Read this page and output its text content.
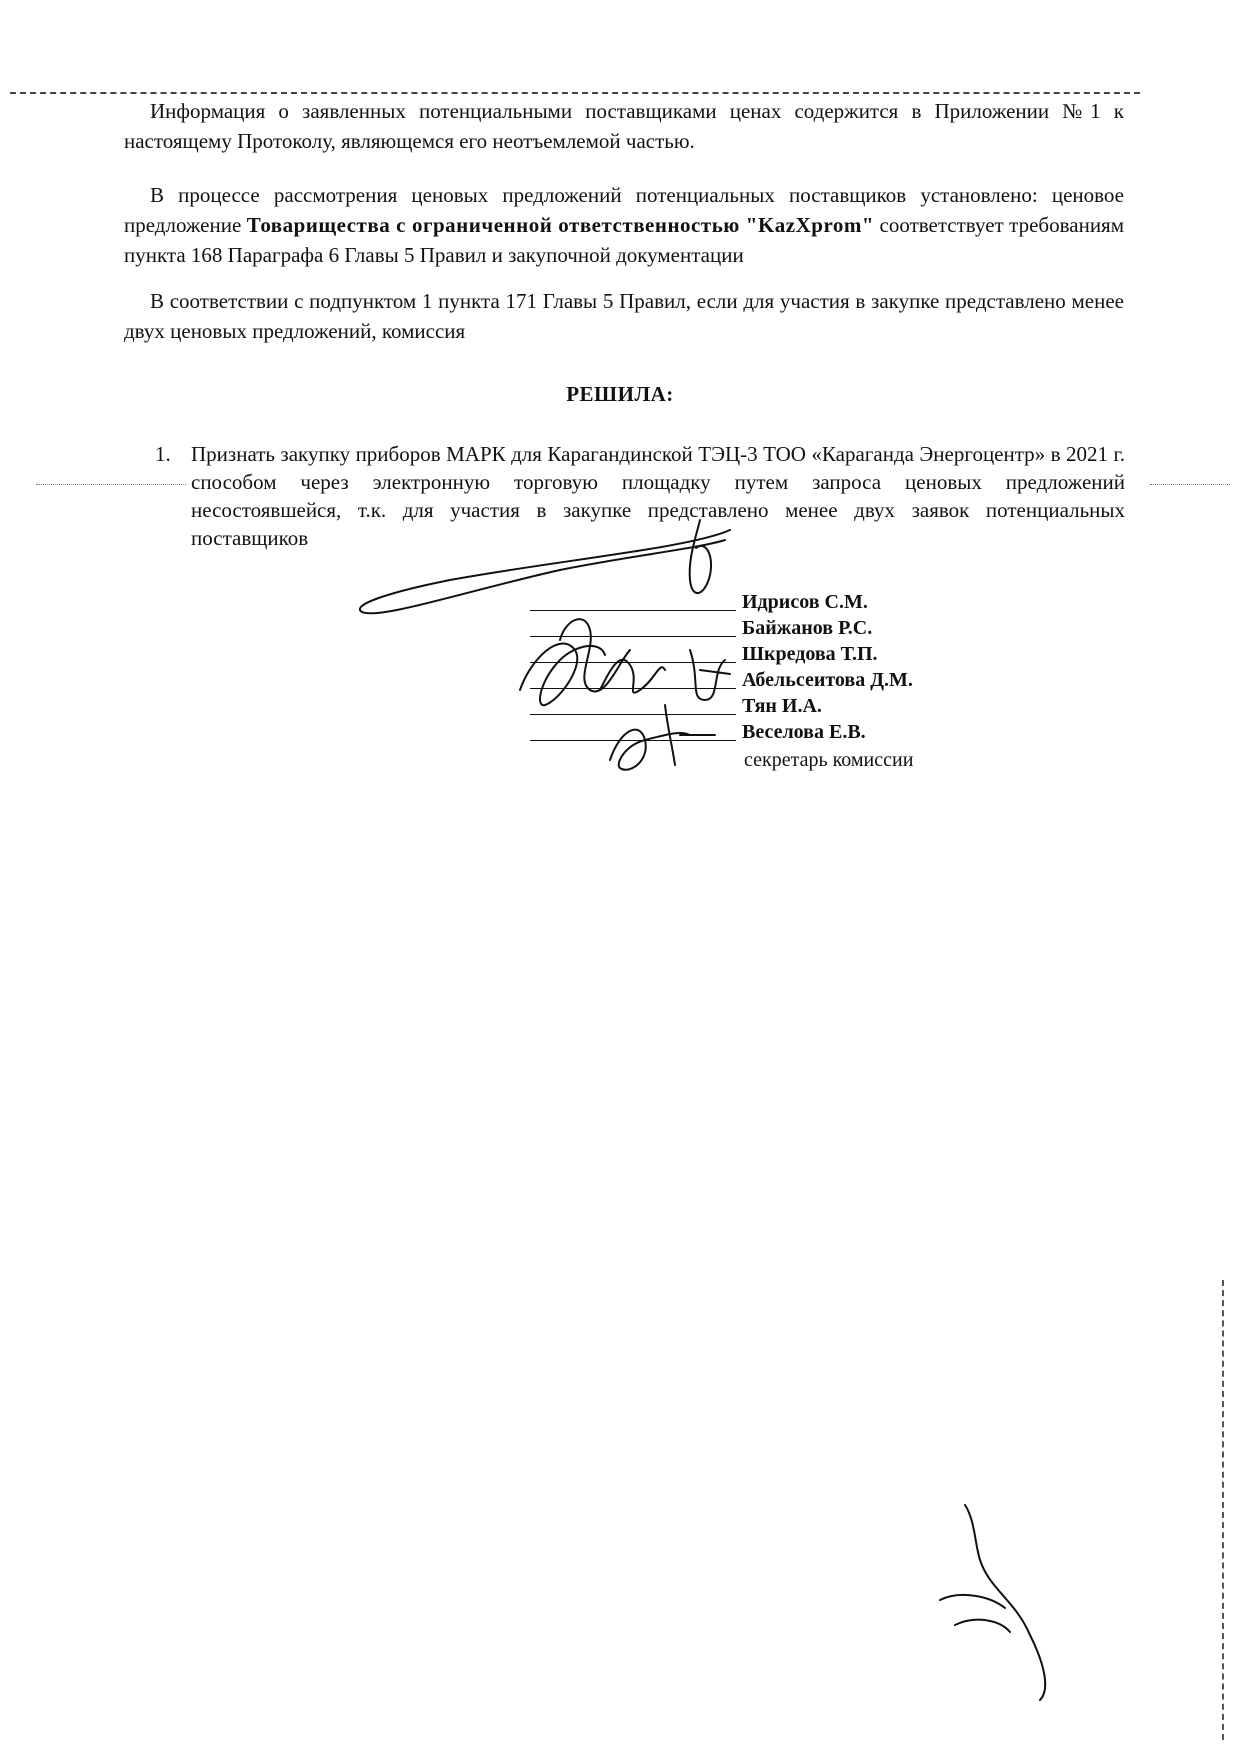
Информация о заявленных потенциальными поставщиками ценах содержится в Приложении №1 к настоящему Протоколу, являющемся его неотъемлемой частью.

В процессе рассмотрения ценовых предложений потенциальных поставщиков установлено: ценовое предложение Товарищества с ограниченной ответственностью "KazXprom" соответствует требованиям пункта 168 Параграфа 6 Главы 5 Правил и закупочной документации

В соответствии с подпунктом 1 пункта 171 Главы 5 Правил, если для участия в закупке представлено менее двух ценовых предложений, комиссия

РЕШИЛА:
1. Признать закупку приборов МАРК для Карагандинской ТЭЦ-3 ТОО «Караганда Энергоцентр» в 2021 г. способом через электронную торговую площадку путем запроса ценовых предложений несостоявшейся, т.к. для участия в закупке представлено менее двух заявок потенциальных поставщиков
Идрисов С.М.
Байжанов Р.С.
Шкредова Т.П.
Абельсеитова Д.М.
Тян И.А.
Веселова Е.В.
секретарь комиссии
